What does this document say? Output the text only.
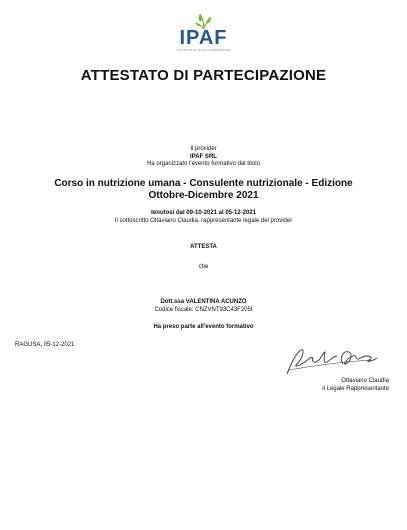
IPAF
ISTITUTO DI ALTA FORMAZIONE
ATTESTATO DI PARTECIPAZIONE
Il provider
IPAF SRL
Ha organizzato l'evento formativo dal titolo
Corso in nutrizione umana - Consulente nutrizionale - Edizione
Ottobre-Dicembre 2021
tenutosi dal 09-10-2021 al 05-12-2021
Il sottoscritto Ottaviano Claudia, rappresentante legale del provider
ATTESTA
che
Dott.ssa VALENTINA ACUNZO
Codice fiscale: CNZVNT93C43F205I
Ha preso parte all'evento formativo
RAGUSA, 05-12-2021
Ottaviano Claudia
il Legale Rappresentante
